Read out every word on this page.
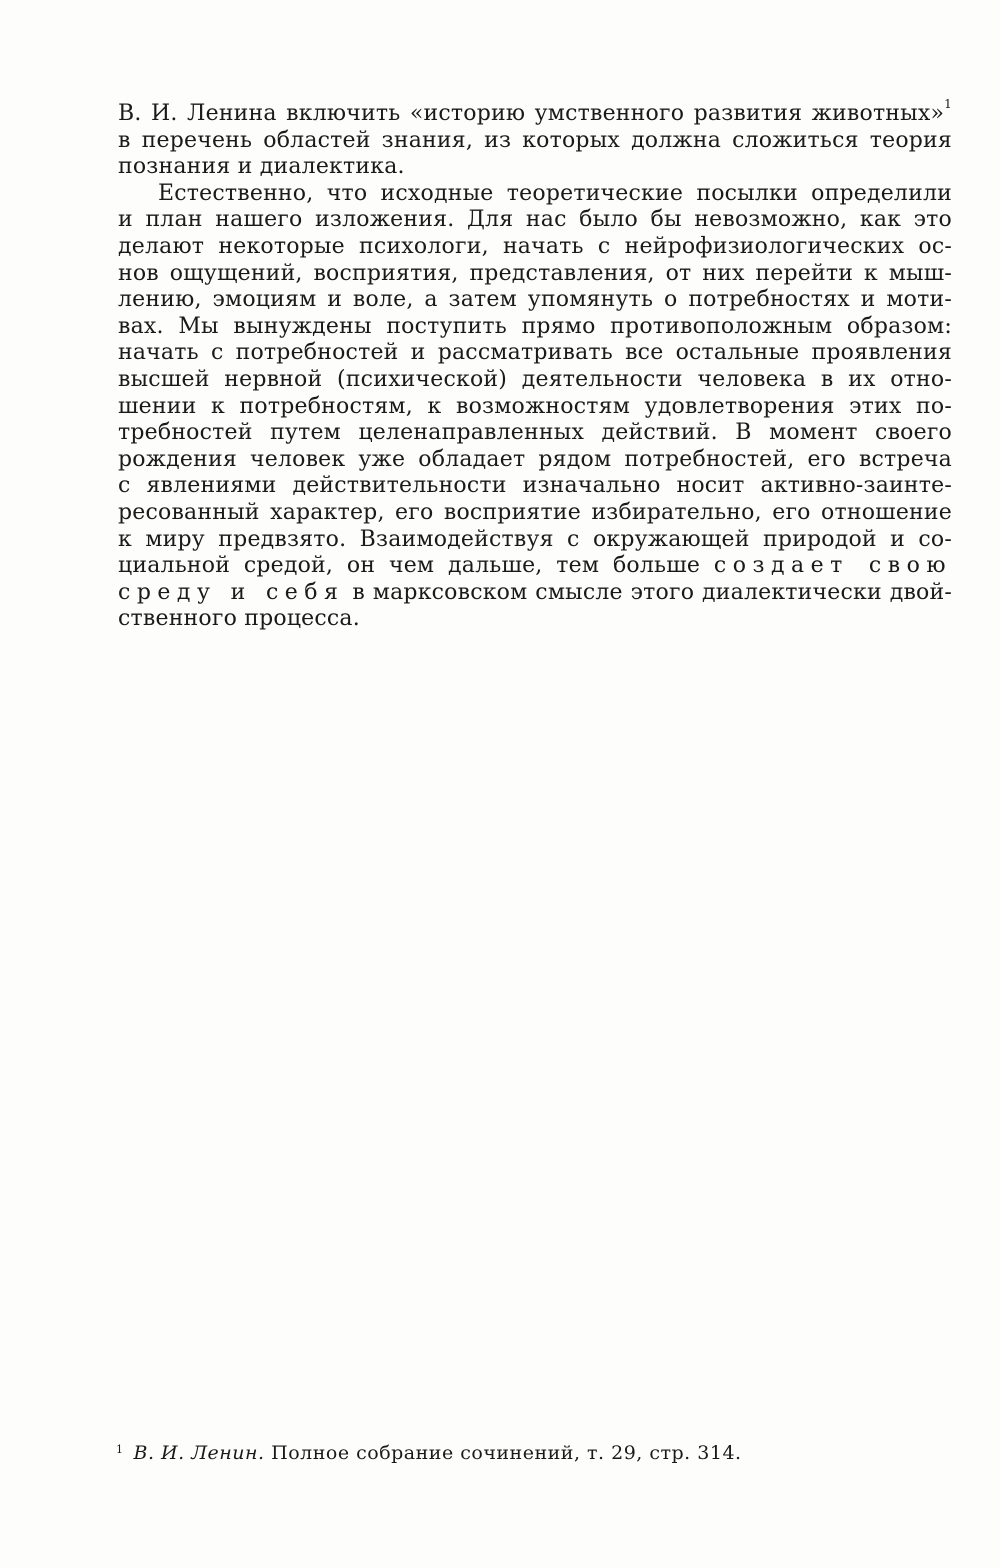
В. И. Ленина включить «историю умственного развития животных»$^1$
в перечень областей знания, из которых должна сложиться теория
познания и диалектика.
Естественно, что исходные теоретические посылки определили
и план нашего изложения. Для нас было бы невозможно, как это
делают некоторые психологи, начать с нейрофизиологических ос-
нов ощущений, восприятия, представления, от них перейти к мыш-
лению, эмоциям и воле, а затем упомянуть о потребностях и моти-
вах. Мы вынуждены поступить прямо противоположным образом:
начать с потребностей и рассматривать все остальные проявления
высшей нервной (психической) деятельности человека в их отно-
шении к потребностям, к возможностям удовлетворения этих по-
требностей путем целенаправленных действий. В момент своего
рождения человек уже обладает рядом потребностей, его встреча
с явлениями действительности изначально носит активно-заинте-
ресованный характер, его восприятие избирательно, его отношение
к миру предвзято. Взаимодействуя с окружающей природой и со-
циальной средой, он чем дальше, тем больше создает свою
среду и себя в марксовском смысле этого диалектически двой-
ственного процесса.
$^1$ В. И. Ленин. Полное собрание сочинений, т. 29, стр. 314.
